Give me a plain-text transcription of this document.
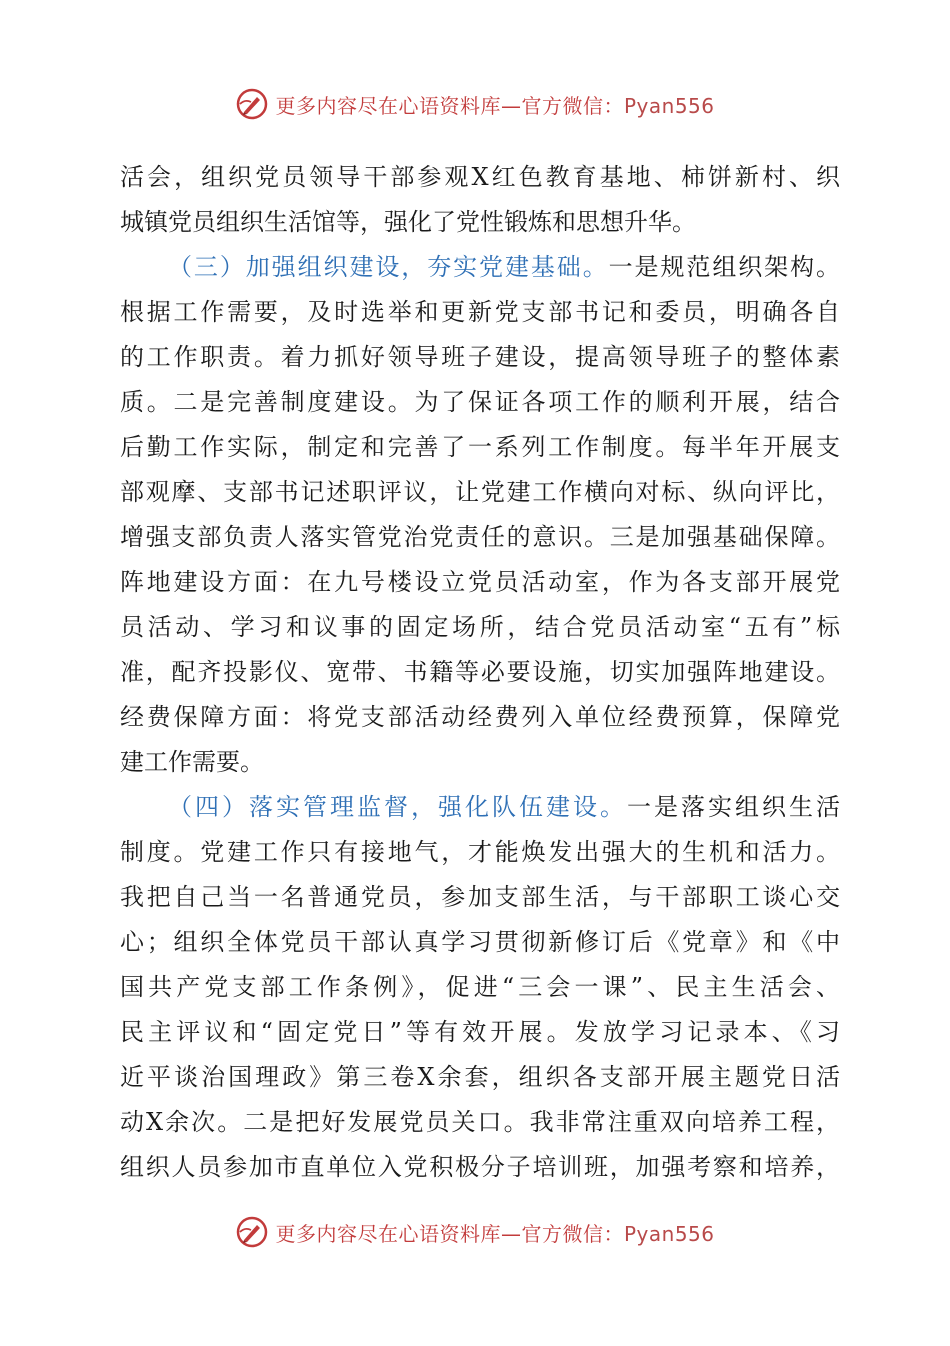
更多内容尽在心语资料库—官方微信：Pyan556
活会，组织党员领导干部参观X红色教育基地、柿饼新村、织
城镇党员组织生活馆等，强化了党性锻炼和思想升华。
（三）加强组织建设，夯实党建基础。一是规范组织架构。
根据工作需要，及时选举和更新党支部书记和委员，明确各自
的工作职责。着力抓好领导班子建设，提高领导班子的整体素
质。二是完善制度建设。为了保证各项工作的顺利开展，结合
后勤工作实际，制定和完善了一系列工作制度。每半年开展支
部观摩、支部书记述职评议，让党建工作横向对标、纵向评比，
增强支部负责人落实管党治党责任的意识。三是加强基础保障。
阵地建设方面：在九号楼设立党员活动室，作为各支部开展党
员活动、学习和议事的固定场所，结合党员活动室“五有”标
准，配齐投影仪、宽带、书籍等必要设施，切实加强阵地建设。
经费保障方面：将党支部活动经费列入单位经费预算，保障党
建工作需要。
（四）落实管理监督，强化队伍建设。一是落实组织生活
制度。党建工作只有接地气，才能焕发出强大的生机和活力。
我把自己当一名普通党员，参加支部生活，与干部职工谈心交
心；组织全体党员干部认真学习贯彻新修订后《党章》和《中
国共产党支部工作条例》，促进“三会一课”、民主生活会、
民主评议和“固定党日”等有效开展。发放学习记录本、《习
近平谈治国理政》第三卷X余套，组织各支部开展主题党日活
动X余次。二是把好发展党员关口。我非常注重双向培养工程，
组织人员参加市直单位入党积极分子培训班，加强考察和培养，
更多内容尽在心语资料库—官方微信：Pyan556
